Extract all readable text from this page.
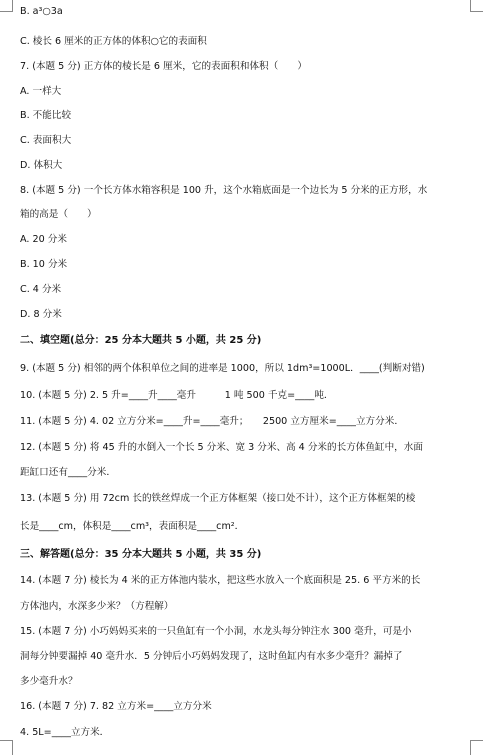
B. a³○3a
C. 棱长 6 厘米的正方体的体积○它的表面积
7. (本题 5 分) 正方体的棱长是 6 厘米，它的表面积和体积（　　）
A. 一样大
B. 不能比较
C. 表面积大
D. 体积大
8. (本题 5 分) 一个长方体水箱容积是 100 升，这个水箱底面是一个边长为 5 分米的正方形，水
箱的高是（　　）
A. 20 分米
B. 10 分米
C. 4 分米
D. 8 分米
二、填空题(总分：25 分本大题共 5 小题，共 25 分)
9. (本题 5 分) 相邻的两个体积单位之间的进率是 1000，所以 1dm³=1000L．____(判断对错)
10. (本题 5 分) 2. 5 升=____升____毫升　　　1 吨 500 千克=____吨．
11. (本题 5 分) 4. 02 立方分米=____升=____毫升；　　2500 立方厘米=____立方分米．
12. (本题 5 分) 将 45 升的水倒入一个长 5 分米、宽 3 分米、高 4 分米的长方体鱼缸中，水面
距缸口还有____分米．
13. (本题 5 分) 用 72cm 长的铁丝焊成一个正方体框架（接口处不计），这个正方体框架的棱
长是____cm，体积是____cm³，表面积是____cm²．
三、解答题(总分：35 分本大题共 5 小题，共 35 分)
14. (本题 7 分) 棱长为 4 米的正方体池内装水，把这些水放入一个底面积是 25. 6 平方米的长
方体池内，水深多少米？（方程解）
15. (本题 7 分) 小巧妈妈买来的一只鱼缸有一个小洞，水龙头每分钟注水 300 毫升，可是小
洞每分钟要漏掉 40 毫升水．5 分钟后小巧妈妈发现了，这时鱼缸内有水多少毫升？漏掉了
多少毫升水？
16. (本题 7 分) 7. 82 立方米=____立方分米
4. 5L=____立方米．
